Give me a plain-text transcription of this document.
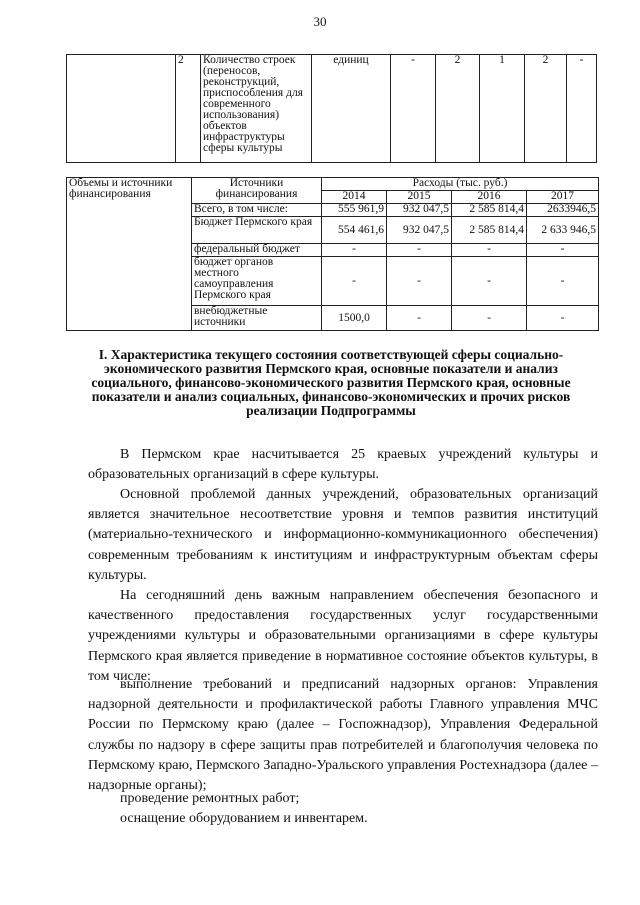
30
	2	Количество строек (переносов, реконструкций, приспособления для современного использования) объектов инфраструктуры сферы культуры	единиц	-	2	1	2	-
Объемы и источники финансирования	Источники финансирования	Расходы (тыс. руб.)			
		2014	2015	2016	2017
	Всего, в том числе:	555 961,9	932 047,5	2 585 814,4	2633946,5
	Бюджет Пермского края	554 461,6	932 047,5	2 585 814,4	2 633 946,5
	федеральный бюджет	-	-	-	-
	бюджет органов местного самоуправления Пермского края	-	-	-	-
	внебюджетные источники	1500,0	-	-	-
I. Характеристика текущего состояния соответствующей сферы социально-экономического развития Пермского края, основные показатели и анализ социального, финансово-экономического развития Пермского края, основные показатели и анализ социальных, финансово-экономических и прочих рисков реализации Подпрограммы

В Пермском крае насчитывается 25 краевых учреждений культуры и образовательных организаций в сфере культуры.

Основной проблемой данных учреждений, образовательных организаций является значительное несоответствие уровня и темпов развития институций (материально-технического и информационно-коммуникационного обеспечения) современным требованиям к институциям и инфраструктурным объектам сферы культуры.

На сегодняшний день важным направлением обеспечения безопасного и качественного предоставления государственных услуг государственными учреждениями культуры и образовательными организациями в сфере культуры Пермского края является приведение в нормативное состояние объектов культуры, в том числе:

выполнение требований и предписаний надзорных органов: Управления надзорной деятельности и профилактической работы Главного управления МЧС России по Пермскому краю (далее – Госпожнадзор), Управления Федеральной службы по надзору в сфере защиты прав потребителей и благополучия человека по Пермскому краю, Пермского Западно-Уральского управления Ростехнадзора (далее – надзорные органы);

проведение ремонтных работ;

оснащение оборудованием и инвентарем.
